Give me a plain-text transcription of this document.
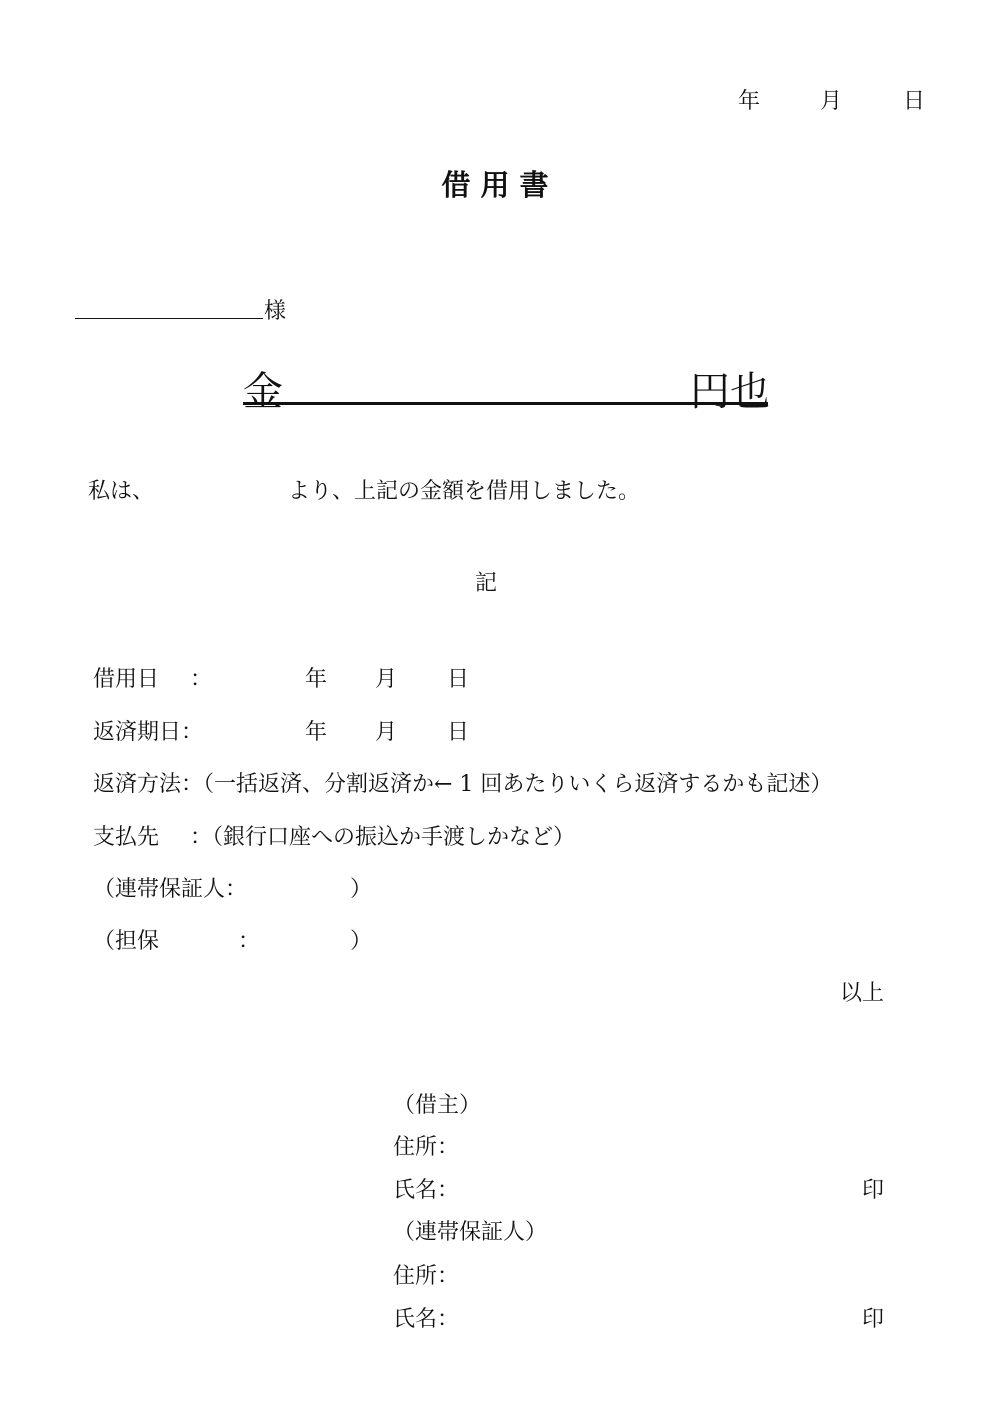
年	月	日
借用書
様
金	円也
私は、	より、上記の金額を借用しました。
記
借用日 ：	年 月 日
返済期日：	年 月 日
返済方法：（一括返済、分割返済か← 1 回あたりいくら返済するかも記述）
支払先 ：（銀行口座への振込か手渡しかなど）
（連帯保証人：	）
（担保	：	）
以上
（借主）
住所：
氏名：	印
（連帯保証人）
住所：
氏名：	印
